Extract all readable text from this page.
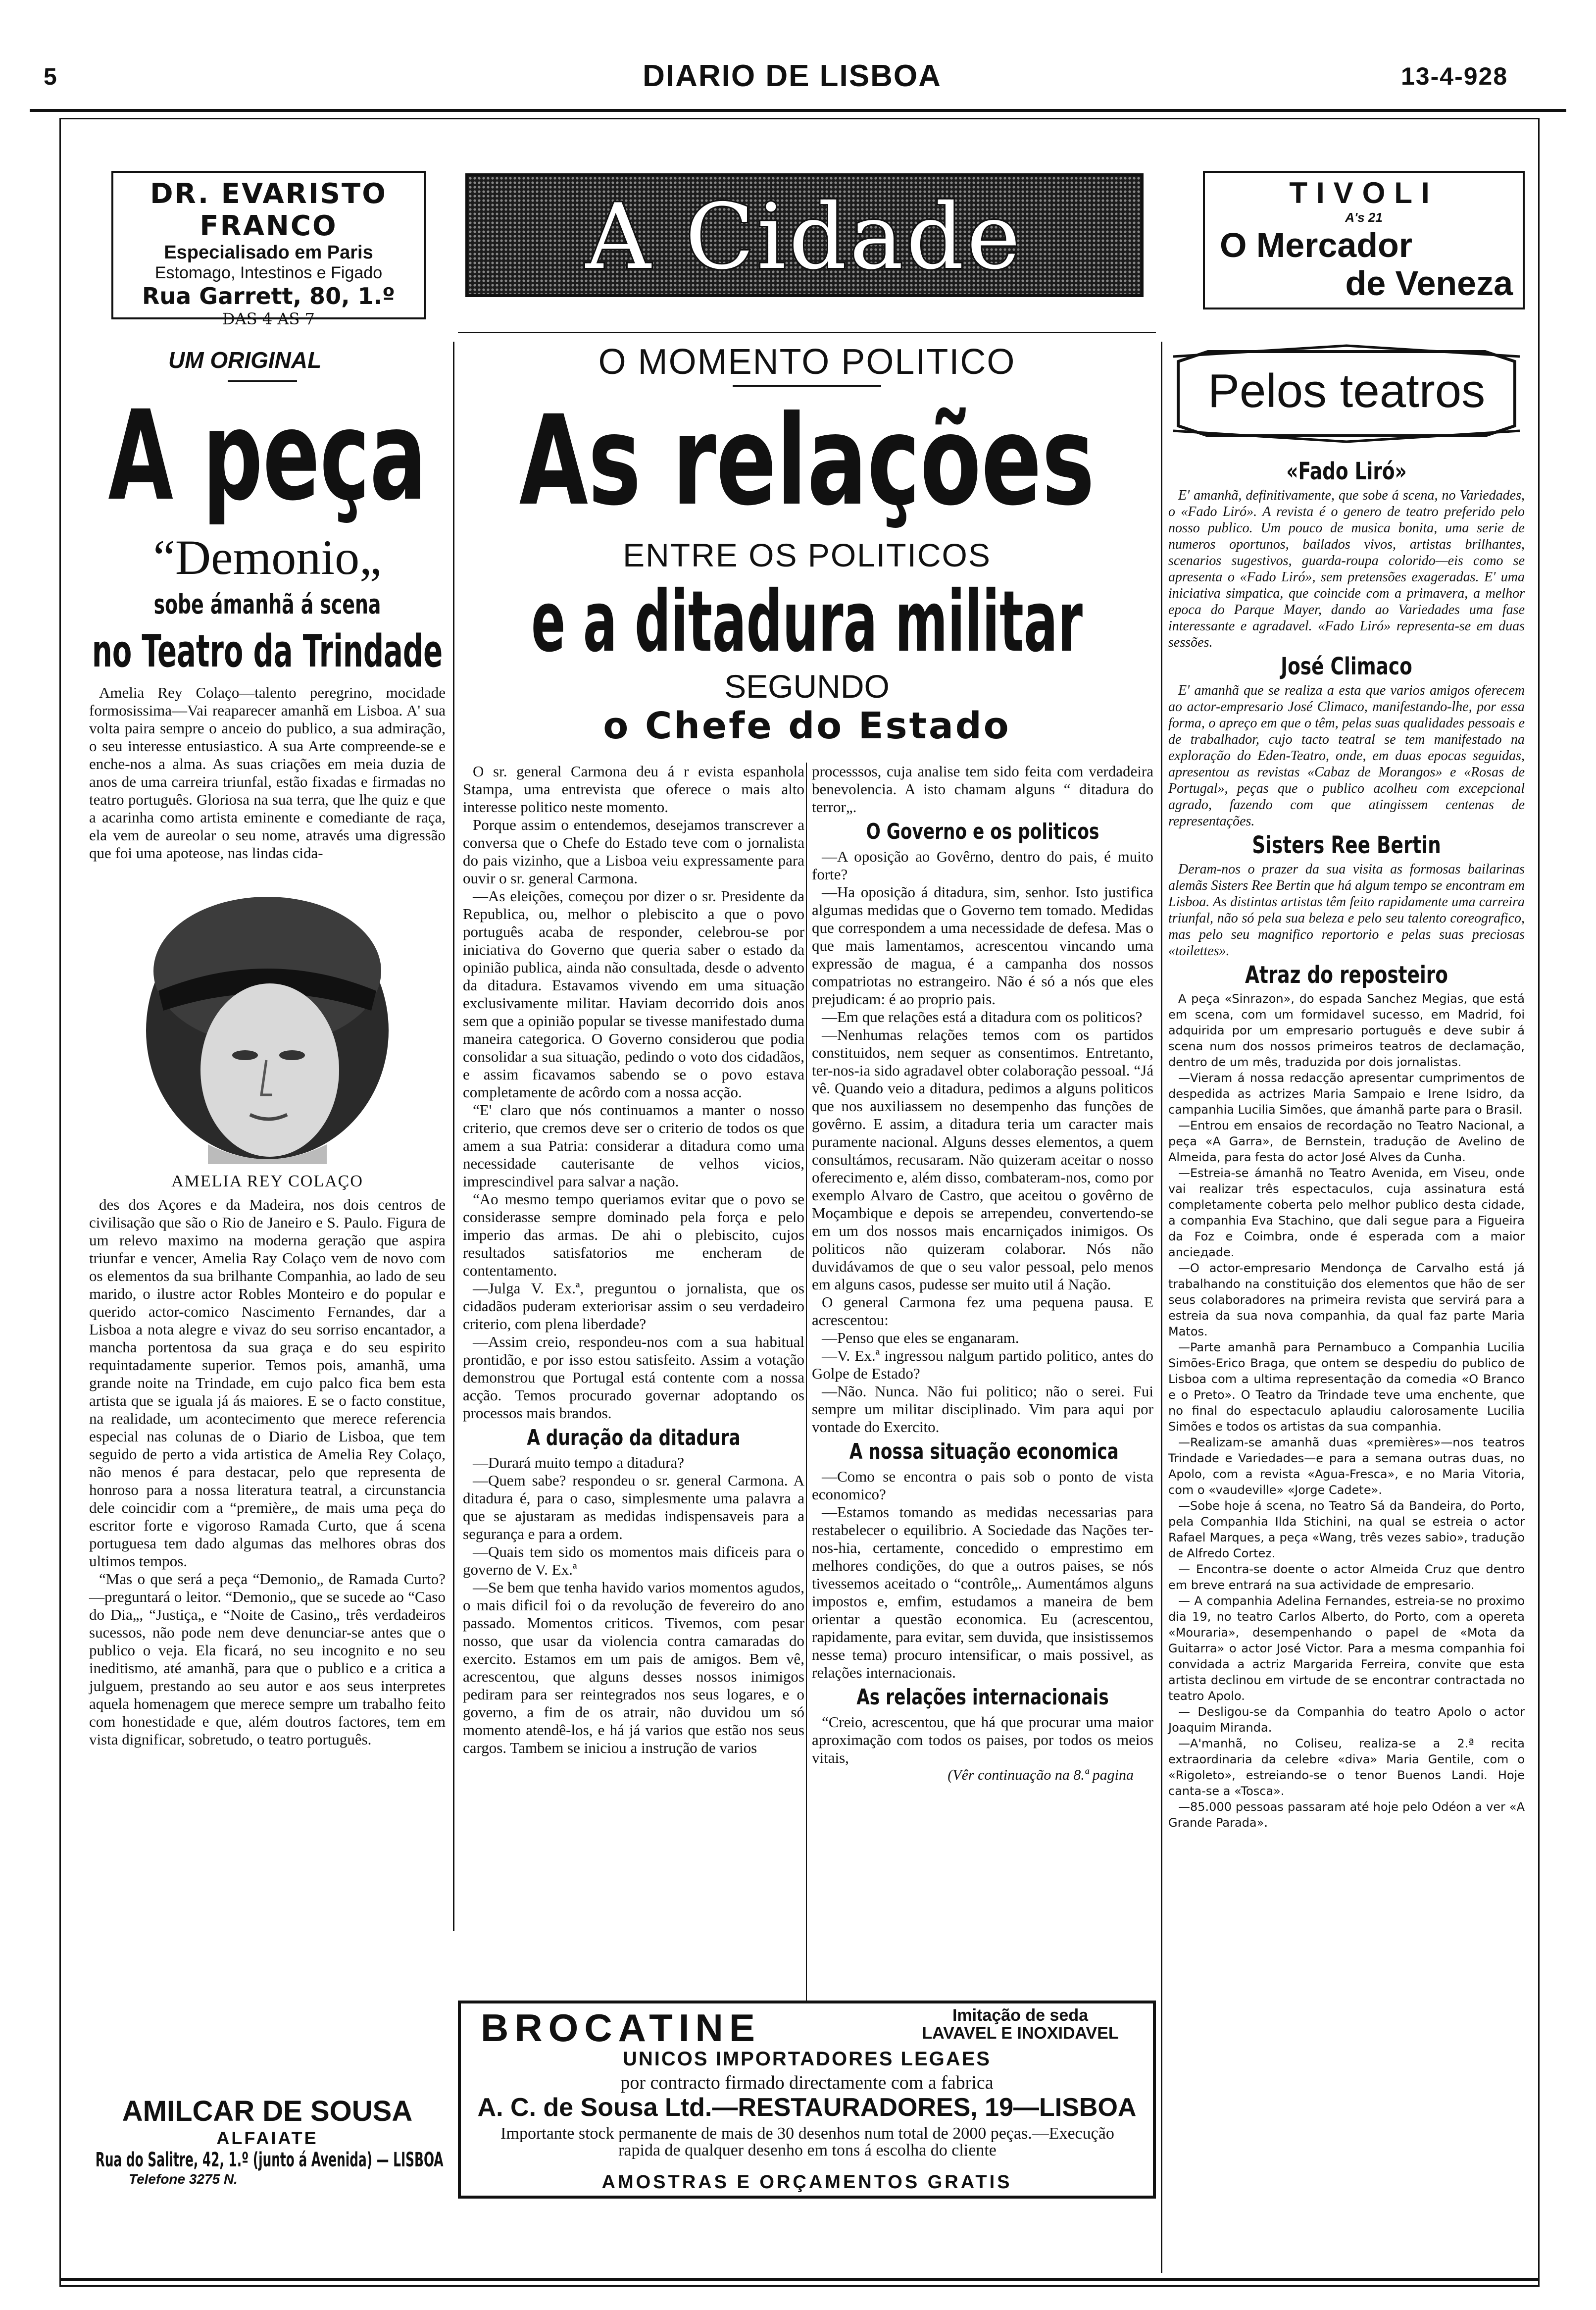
5	DIARIO DE LISBOA	13-4-928
DR. EVARISTO FRANCO
Especialisado em Paris
Estomago, Intestinos e Figado
Rua Garrett, 80, 1.º
DAS 4 AS 7
A Cidade	TIVOLI
A's 21
O Mercador
de Veneza
UM ORIGINAL
A peça
“Demonio„
sobe ámanhã á scena
no Teatro da Trindade

Amelia Rey Colaço—talento peregrino, mocidade formosissima—Vai reaparecer amanhã em Lisboa. A' sua volta paira sempre o anceio do publico, a sua admiração, o seu interesse entusiastico. A sua Arte compreende-se e enche-nos a alma. As suas criações em meia duzia de anos de uma carreira triunfal, estão fixadas e firmadas no teatro português. Gloriosa na sua terra, que lhe quiz e que a acarinha como artista eminente e comediante de raça, ela vem de aureolar o seu nome, através uma digressão que foi uma apoteose, nas lindas cida-

AMELIA REY COLAÇO

des dos Açores e da Madeira, nos dois centros de civilisação que são o Rio de Janeiro e S. Paulo. Figura de um relevo maximo na moderna geração que aspira triunfar e vencer, Amelia Ray Colaço vem de novo com os elementos da sua brilhante Companhia, ao lado de seu marido, o ilustre actor Robles Monteiro e do popular e querido actor-comico Nascimento Fernandes, dar a Lisboa a nota alegre e vivaz do seu sorriso encantador, a mancha portentosa da sua graça e do seu espirito requintadamente superior. Temos pois, amanhã, uma grande noite na Trindade, em cujo palco fica bem esta artista que se iguala já ás maiores. E se o facto constitue, na realidade, um acontecimento que merece referencia especial nas colunas de o Diario de Lisboa, que tem seguido de perto a vida artistica de Amelia Rey Colaço, não menos é para destacar, pelo que representa de honroso para a nossa literatura teatral, a circunstancia dele coincidir com a “première„ de mais uma peça do escritor forte e vigoroso Ramada Curto, que á scena portuguesa tem dado algumas das melhores obras dos ultimos tempos.

“Mas o que será a peça “Demonio„ de Ramada Curto?—preguntará o leitor. “Demonio„ que se sucede ao “Caso do Dia„, “Justiça„ e “Noite de Casino„ três verdadeiros sucessos, não pode nem deve denunciar-se antes que o publico o veja. Ela ficará, no seu incognito e no seu ineditismo, até amanhã, para que o publico e a critica a julguem, prestando ao seu autor e aos seus interpretes aquela homenagem que merece sempre um trabalho feito com honestidade e que, além doutros factores, tem em vista dignificar, sobretudo, o teatro português.

AMILCAR DE SOUSA
ALFAIATE
Rua do Salitre, 42, 1.º (junto á Avenida) — LISBOA
Telefone 3275 N.
O MOMENTO POLITICO
As relações
ENTRE OS POLITICOS
e a ditadura militar
SEGUNDO
o Chefe do Estado

O sr. general Carmona deu á r evista espanhola Stampa, uma entrevista que oferece o mais alto interesse politico neste momento.

Porque assim o entendemos, desejamos transcrever a conversa que o Chefe do Estado teve com o jornalista do pais vizinho, que a Lisboa veiu expressamente para ouvir o sr. general Carmona.

—As eleições, começou por dizer o sr. Presidente da Republica, ou, melhor o plebiscito a que o povo português acaba de responder, celebrou-se por iniciativa do Governo que queria saber o estado da opinião publica, ainda não consultada, desde o advento da ditadura. Estavamos vivendo em uma situação exclusivamente militar. Haviam decorrido dois anos sem que a opinião popular se tivesse manifestado duma maneira categorica. O Governo considerou que podia consolidar a sua situação, pedindo o voto dos cidadãos, e assim ficavamos sabendo se o povo estava completamente de acôrdo com a nossa acção.

“E' claro que nós continuamos a manter o nosso criterio, que cremos deve ser o criterio de todos os que amem a sua Patria: considerar a ditadura como uma necessidade cauterisante de velhos vicios, imprescindivel para salvar a nação.

“Ao mesmo tempo queriamos evitar que o povo se considerasse sempre dominado pela força e pelo imperio das armas. De ahi o plebiscito, cujos resultados satisfatorios me encheram de contentamento.

—Julga V. Ex.ª, preguntou o jornalista, que os cidadãos puderam exteriorisar assim o seu verdadeiro criterio, com plena liberdade?

—Assim creio, respondeu-nos com a sua habitual prontidão, e por isso estou satisfeito. Assim a votação demonstrou que Portugal está contente com a nossa acção. Temos procurado governar adoptando os processos mais brandos.

A duração da ditadura

—Durará muito tempo a ditadura?

—Quem sabe? respondeu o sr. general Carmona. A ditadura é, para o caso, simplesmente uma palavra a que se ajustaram as medidas indispensaveis para a segurança e para a ordem.

—Quais tem sido os momentos mais dificeis para o governo de V. Ex.ª

—Se bem que tenha havido varios momentos agudos, o mais dificil foi o da revolução de fevereiro do ano passado. Momentos criticos. Tivemos, com pesar nosso, que usar da violencia contra camaradas do exercito. Estamos em um pais de amigos. Bem vê, acrescentou, que alguns desses nossos inimigos pediram para ser reintegrados nos seus logares, e o governo, a fim de os atrair, não duvidou um só momento atendê-los, e há já varios que estão nos seus cargos. Tambem se iniciou a instrução de varios

processsos, cuja analise tem sido feita com verdadeira benevolencia. A isto chamam alguns “ ditadura do terror„.

O Governo e os politicos

—A oposição ao Govêrno, dentro do pais, é muito forte?

—Ha oposição á ditadura, sim, senhor. Isto justifica algumas medidas que o Governo tem tomado. Medidas que correspondem a uma necessidade de defesa. Mas o que mais lamentamos, acrescentou vincando uma expressão de magua, é a campanha dos nossos compatriotas no estrangeiro. Não é só a nós que eles prejudicam: é ao proprio pais.

—Em que relações está a ditadura com os politicos?

—Nenhumas relações temos com os partidos constituidos, nem sequer as consentimos. Entretanto, ter-nos-ia sido agradavel obter colaboração pessoal. “Já vê. Quando veio a ditadura, pedimos a alguns politicos que nos auxiliassem no desempenho das funções de govêrno. E assim, a ditadura teria um caracter mais puramente nacional. Alguns desses elementos, a quem consultámos, recusaram. Não quizeram aceitar o nosso oferecimento e, além disso, combateram-nos, como por exemplo Alvaro de Castro, que aceitou o govêrno de Moçambique e depois se arrependeu, convertendo-se em um dos nossos mais encarniçados inimigos. Os politicos não quizeram colaborar. Nós não duvidávamos de que o seu valor pessoal, pelo menos em alguns casos, pudesse ser muito util á Nação.

O general Carmona fez uma pequena pausa. E acrescentou:

—Penso que eles se enganaram.

—V. Ex.ª ingressou nalgum partido politico, antes do Golpe de Estado?

—Não. Nunca. Não fui politico; não o serei. Fui sempre um militar disciplinado. Vim para aqui por vontade do Exercito.

A nossa situação economica

—Como se encontra o pais sob o ponto de vista economico?

—Estamos tomando as medidas necessarias para restabelecer o equilibrio. A Sociedade das Nações ter-nos-hia, certamente, concedido o emprestimo em melhores condições, do que a outros paises, se nós tivessemos aceitado o “contrôle„. Aumentámos alguns impostos e, emfim, estudamos a maneira de bem orientar a questão economica. Eu (acrescentou, rapidamente, para evitar, sem duvida, que insistissemos nesse tema) procuro intensificar, o mais possivel, as relações internacionais.

As relações internacionais

“Creio, acrescentou, que há que procurar uma maior aproximação com todos os paises, por todos os meios vitais,

(Vêr continuação na 8.ª pagina
BROCATINE	Imitação de seda
LAVAVEL E INOXIDAVEL
UNICOS IMPORTADORES LEGAES
por contracto firmado directamente com a fabrica
A. C. de Sousa Ltd.—RESTAURADORES, 19—LISBOA
Importante stock permanente de mais de 30 desenhos num total de 2000 peças.—Execução rapida de qualquer desenho em tons á escolha do cliente
AMOSTRAS E ORÇAMENTOS GRATIS
Pelos teatros
«Fado Liró»

E' amanhã, definitivamente, que sobe á scena, no Variedades, o «Fado Liró». A revista é o genero de teatro preferido pelo nosso publico. Um pouco de musica bonita, uma serie de numeros oportunos, bailados vivos, artistas brilhantes, scenarios sugestivos, guarda-roupa colorido—eis como se apresenta o «Fado Liró», sem pretensões exageradas. E' uma iniciativa simpatica, que coincide com a primavera, a melhor epoca do Parque Mayer, dando ao Variedades uma fase interessante e agradavel. «Fado Liró» representa-se em duas sessões.

José Climaco

E' amanhã que se realiza a esta que varios amigos oferecem ao actor-empresario José Climaco, manifestando-lhe, por essa forma, o apreço em que o têm, pelas suas qualidades pessoais e de trabalhador, cujo tacto teatral se tem manifestado na exploração do Eden-Teatro, onde, em duas epocas seguidas, apresentou as revistas «Cabaz de Morangos» e «Rosas de Portugal», peças que o publico acolheu com excepcional agrado, fazendo com que atingissem centenas de representações.

Sisters Ree Bertin

Deram-nos o prazer da sua visita as formosas bailarinas alemãs Sisters Ree Bertin que há algum tempo se encontram em Lisboa. As distintas artistas têm feito rapidamente uma carreira triunfal, não só pela sua beleza e pelo seu talento coreografico, mas pelo seu magnifico reportorio e pelas suas preciosas «toilettes».

Atraz do reposteiro
A peça «Sinrazon», do espada Sanchez Megias, que está em scena, com um formidavel sucesso, em Madrid, foi adquirida por um empresario português e deve subir á scena num dos nossos primeiros teatros de declamação, dentro de um mês, traduzida por dois jornalistas.
—Vieram á nossa redacção apresentar cumprimentos de despedida as actrizes Maria Sampaio e Irene Isidro, da campanhia Lucilia Simões, que ámanhã parte para o Brasil.
—Entrou em ensaios de recordação no Teatro Nacional, a peça «A Garra», de Bernstein, tradução de Avelino de Almeida, para festa do actor José Alves da Cunha.
—Estreia-se ámanhã no Teatro Avenida, em Viseu, onde vai realizar três espectaculos, cuja assinatura está completamente coberta pelo melhor publico desta cidade, a companhia Eva Stachino, que dali segue para a Figueira da Foz e Coimbra, onde é esperada com a maior ancieдade.
—O actor-empresario Mendonça de Carvalho está já trabalhando na constituição dos elementos que hão de ser seus colaboradores na primeira revista que servirá para a estreia da sua nova companhia, da qual faz parte Maria Matos.
—Parte amanhã para Pernambuco a Companhia Lucilia Simões-Erico Braga, que ontem se despediu do publico de Lisboa com a ultima representação da comedia «O Branco e o Preto». O Teatro da Trindade teve uma enchente, que no final do espectaculo aplaudiu calorosamente Lucilia Simões e todos os artistas da sua companhia.
—Realizam-se amanhã duas «premières»—nos teatros Trindade e Variedades—e para a semana outras duas, no Apolo, com a revista «Agua-Fresca», e no Maria Vitoria, com o «vaudeville» «Jorge Cadete».
—Sobe hoje á scena, no Teatro Sá da Bandeira, do Porto, pela Companhia Ilda Stichini, na qual se estreia o actor Rafael Marques, a peça «Wang, três vezes sabio», tradução de Alfredo Cortez.
— Encontra-se doente o actor Almeida Cruz que dentro em breve entrará na sua actividade de empresario.
— A companhia Adelina Fernandes, estreia-se no proximo dia 19, no teatro Carlos Alberto, do Porto, com a opereta «Mouraria», desempenhando o papel de «Mota da Guitarra» o actor José Victor. Para a mesma companhia foi convidada a actriz Margarida Ferreira, convite que esta artista declinou em virtude de se encontrar contractada no teatro Apolo.
— Desligou-se da Companhia do teatro Apolo o actor Joaquim Miranda.
—A'manhã, no Coliseu, realiza-se a 2.ª recita extraordinaria da celebre «diva» Maria Gentile, com o «Rigoleto», estreiando-se o tenor Buenos Landi. Hoje canta-se a «Tosca».
—85.000 pessoas passaram até hoje pelo Odéon a ver «A Grande Parada».
